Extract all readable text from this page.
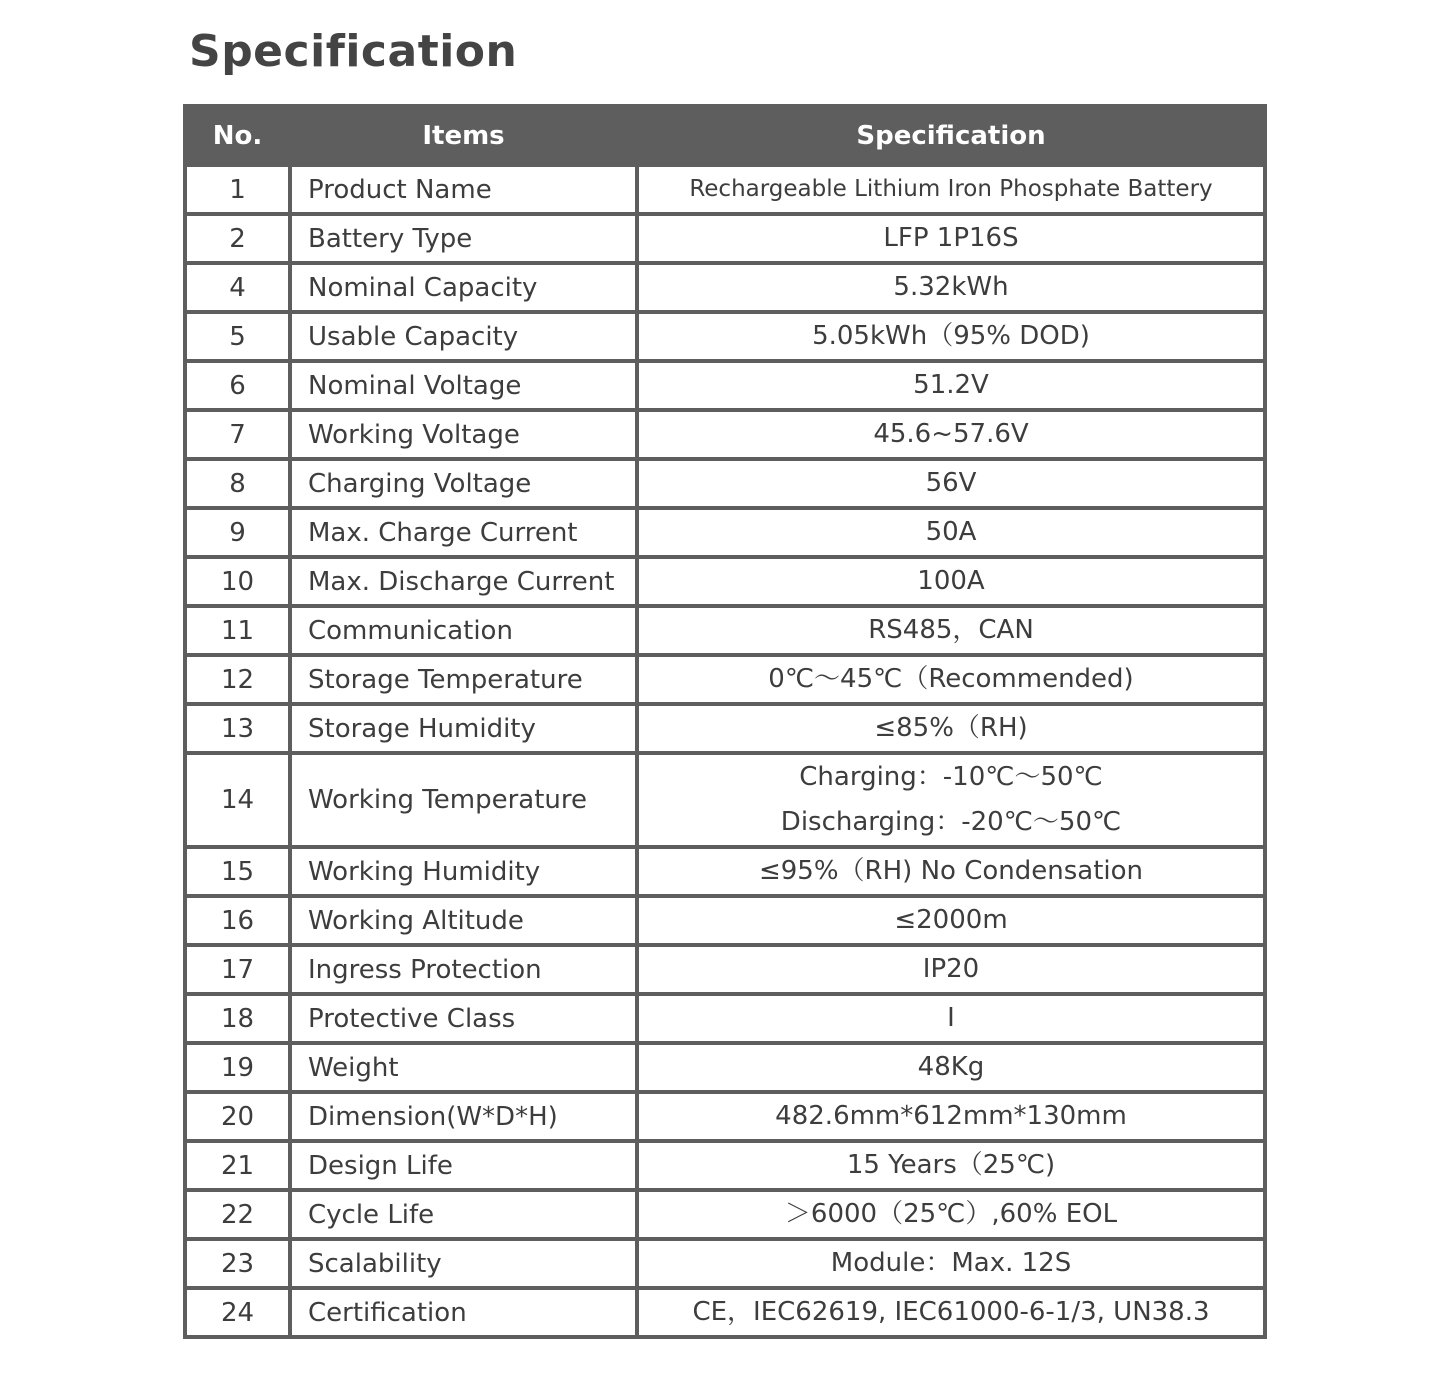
Specification
No.	Items	Specification
1	Product Name	Rechargeable Lithium Iron Phosphate Battery

2	Battery Type	LFP 1P16S

4	Nominal Capacity	5.32kWh

5	Usable Capacity	5.05kWh（95% DOD)

6	Nominal Voltage	51.2V

7	Working Voltage	45.6~57.6V

8	Charging Voltage	56V

9	Max. Charge Current	50A

10	Max. Discharge Current	100A

11	Communication	RS485，CAN

12	Storage Temperature	0℃～45℃（Recommended)

13	Storage Humidity	≤85%（RH)

14	Working Temperature	Charging：-10℃～50℃
Discharging：-20℃～50℃

15	Working Humidity	≤95%（RH) No Condensation

16	Working Altitude	≤2000m

17	Ingress Protection	IP20

18	Protective Class	Ⅰ

19	Weight	48Kg

20	Dimension(W*D*H)	482.6mm*612mm*130mm

21	Design Life	15 Years（25℃)

22	Cycle Life	＞6000（25℃）,60% EOL

23	Scalability	Module：Max. 12S

24	Certification	CE，IEC62619, IEC61000-6-1/3, UN38.3
